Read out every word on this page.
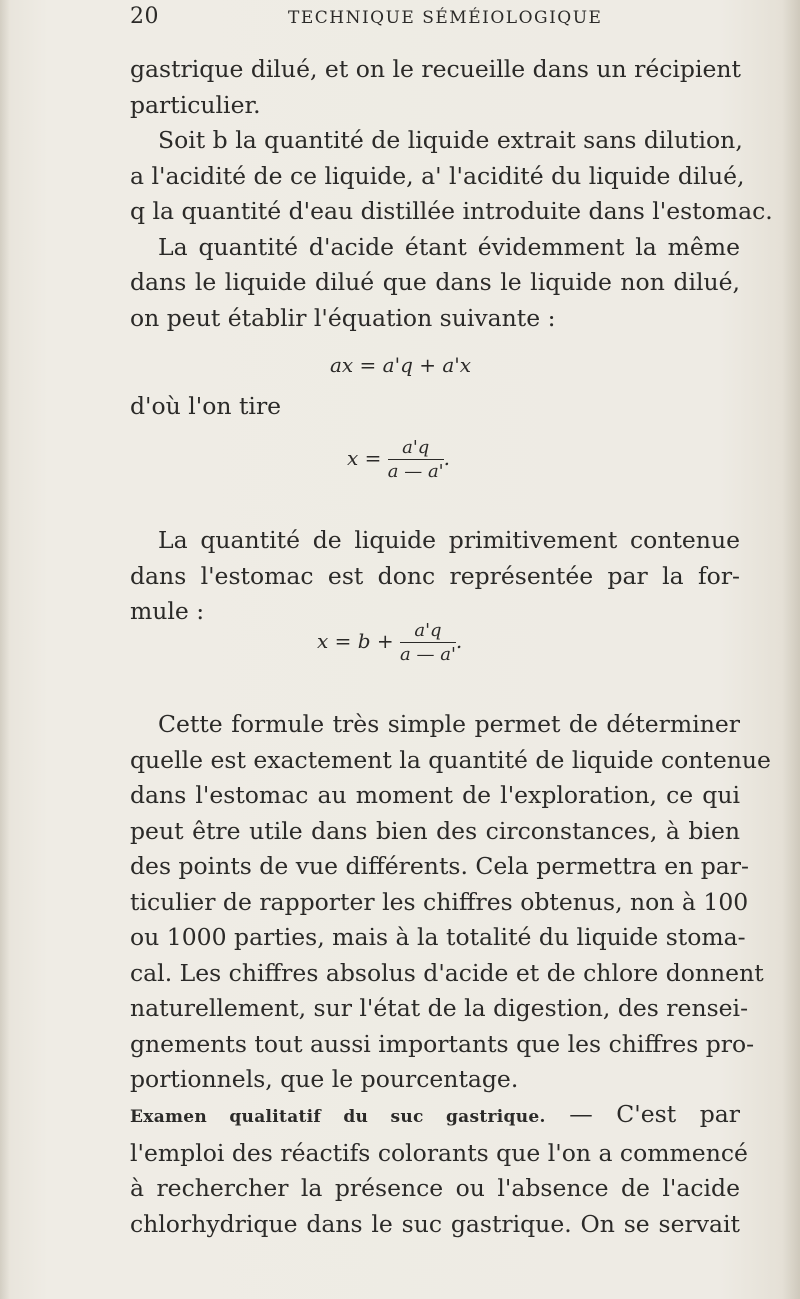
20	TECHNIQUE SÉMÉIOLOGIQUE
gastrique dilué, et on le recueille dans un récipient
particulier.
Soit b la quantité de liquide extrait sans dilution,
a l'acidité de ce liquide, a' l'acidité du liquide dilué,
q la quantité d'eau distillée introduite dans l'estomac.
La quantité d'acide étant évidemment la même
dans le liquide dilué que dans le liquide non dilué,
on peut établir l'équation suivante :
ax = a'q + a'x
d'où l'on tire
$x = \frac{a'q}{a — a'}$ .
La quantité de liquide primitivement contenue
dans l'estomac est donc représentée par la for-
mule :
$x = b + \frac{a'q}{a — a'}$ .
Cette formule très simple permet de déterminer
quelle est exactement la quantité de liquide contenue
dans l'estomac au moment de l'exploration, ce qui
peut être utile dans bien des circonstances, à bien
des points de vue différents. Cela permettra en par-
ticulier de rapporter les chiffres obtenus, non à 100
ou 1000 parties, mais à la totalité du liquide stoma-
cal. Les chiffres absolus d'acide et de chlore donnent
naturellement, sur l'état de la digestion, des rensei-
gnements tout aussi importants que les chiffres pro-
portionnels, que le pourcentage.
Examen qualitatif du suc gastrique. — C'est par
l'emploi des réactifs colorants que l'on a commencé
à rechercher la présence ou l'absence de l'acide
chlorhydrique dans le suc gastrique. On se servait
